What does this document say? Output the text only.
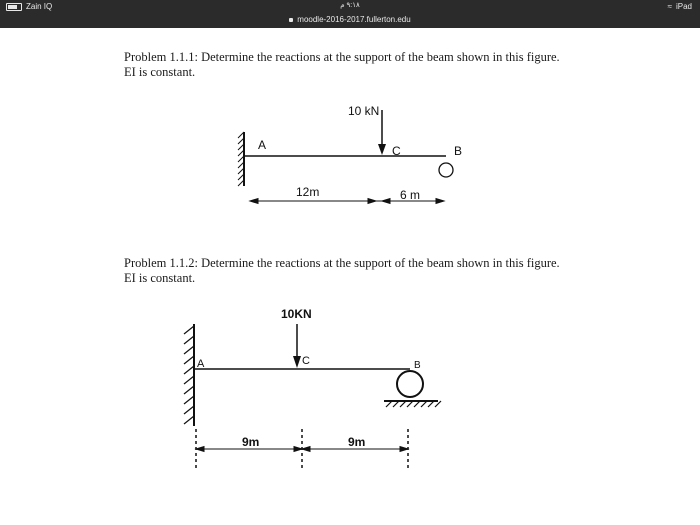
Zain IQ	٩:١٨ م	≈ iPad
moodle-2016-2017.fullerton.edu
Problem 1.1.1: Determine the reactions at the support of the beam shown in this figure. EI is constant.
10 kN
A	C	B
12m	6 m
Problem 1.1.2: Determine the reactions at the support of the beam shown in this figure. EI is constant.
10KN
A	C	B
9m	9m
